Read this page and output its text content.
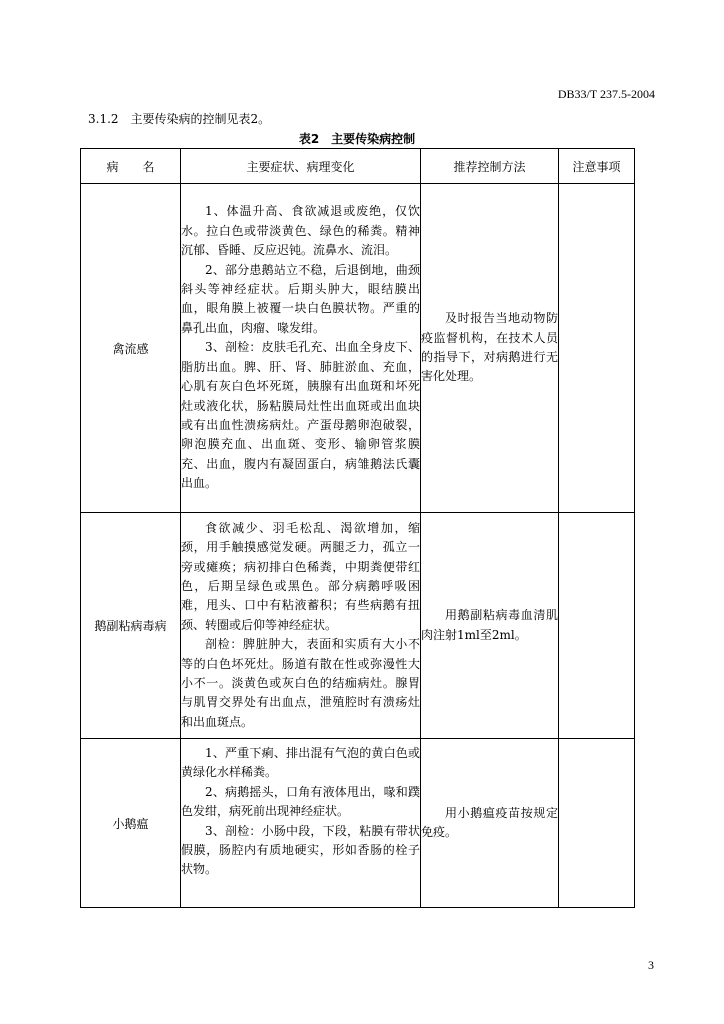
DB33/T 237.5-2004
3.1.2　主要传染病的控制见表2。
表2　主要传染病控制
病　　名	主要症状、病理变化	推荐控制方法	注意事项
禽流感	1、体温升高、食欲减退或废绝，仅饮水。拉白色或带淡黄色、绿色的稀粪。精神沉郁、昏睡、反应迟钝。流鼻水、流泪。

2、部分患鹅站立不稳，后退倒地，曲颈斜头等神经症状。后期头肿大，眼结膜出血，眼角膜上被覆一块白色膜状物。严重的鼻孔出血，肉瘤、喙发绀。

3、剖检：皮肤毛孔充、出血全身皮下、脂肪出血。脾、肝、肾、肺脏淤血、充血，心肌有灰白色坏死斑，胰腺有出血斑和坏死灶或液化状，肠粘膜局灶性出血斑或出血块或有出血性溃疡病灶。产蛋母鹅卵泡破裂，卵泡膜充血、出血斑、变形、输卵管浆膜充、出血，腹内有凝固蛋白，病雏鹅法氏囊出血。	及时报告当地动物防疫监督机构，在技术人员的指导下，对病鹅进行无害化处理。	

鹅副粘病毒病	食欲减少、羽毛松乱、渴欲增加，缩颈，用手触摸感觉发硬。两腿乏力，孤立一旁或瘫痪；病初排白色稀粪，中期粪便带红色，后期呈绿色或黑色。部分病鹅呼吸困难，甩头、口中有粘液蓄积；有些病鹅有扭颈、转圈或后仰等神经症状。

剖检：脾脏肿大，表面和实质有大小不等的白色坏死灶。肠道有散在性或弥漫性大小不一。淡黄色或灰白色的结痂病灶。腺胃与肌胃交界处有出血点，泄殖腔时有溃疡灶和出血斑点。	用鹅副粘病毒血清肌肉注射1ml至2ml。	

小鹅瘟	1、严重下痢、排出混有气泡的黄白色或黄绿化水样稀粪。

2、病鹅摇头，口角有液体甩出，喙和蹼色发绀，病死前出现神经症状。

3、剖检：小肠中段，下段，粘膜有带状假膜，肠腔内有质地硬实，形如香肠的栓子状物。	用小鹅瘟疫苗按规定免疫。	

3
